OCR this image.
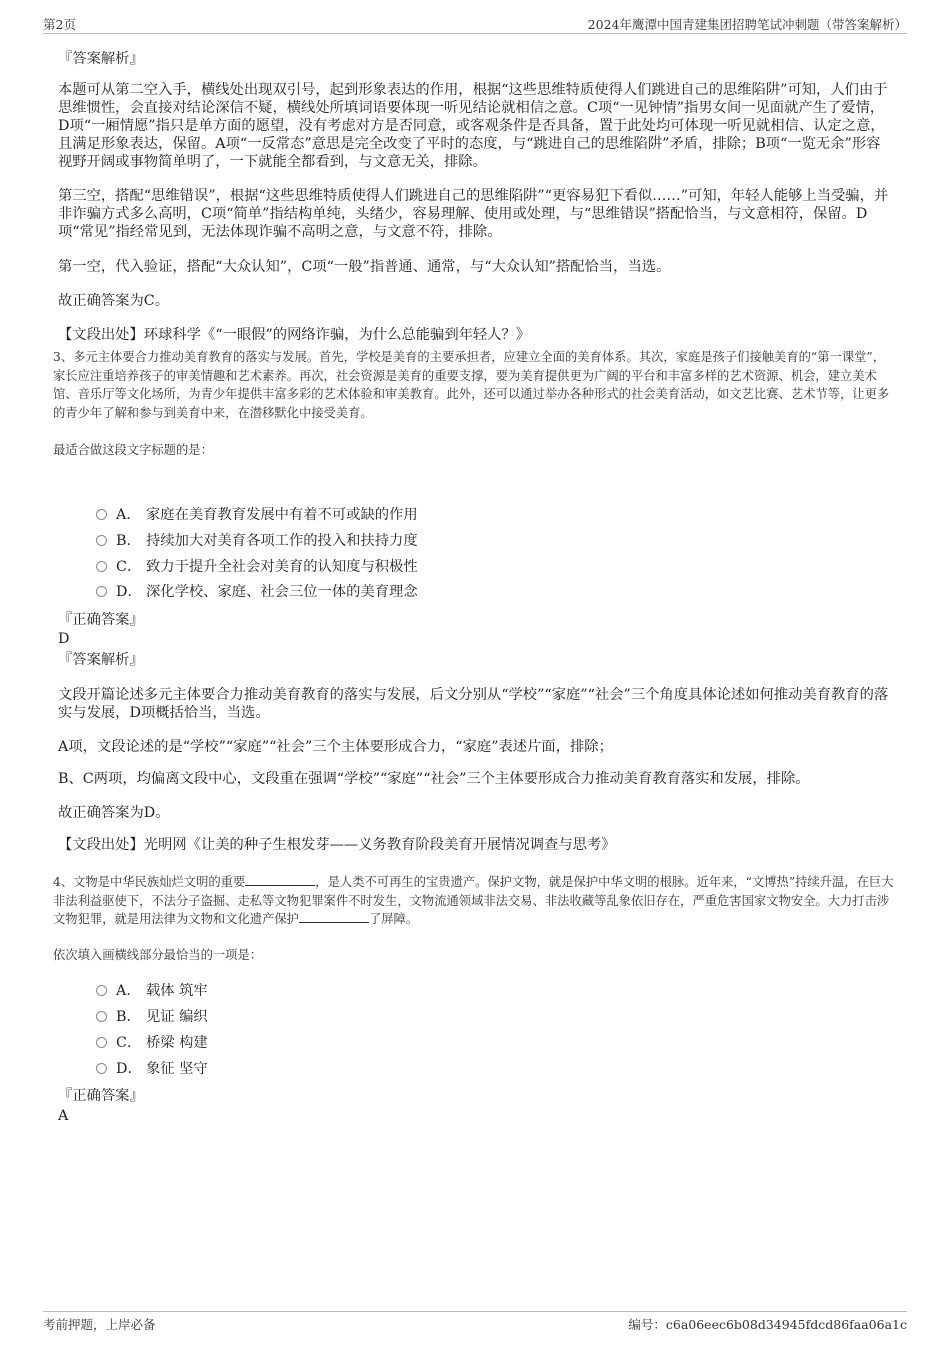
第2页	2024年鹰潭中国青建集团招聘笔试冲刺题（带答案解析）
『答案解析』
本题可从第二空入手，横线处出现双引号，起到形象表达的作用，根据“这些思维特质使得人们跳进自己的思维陷阱”可知，人们由于思维惯性，会直接对结论深信不疑，横线处所填词语要体现一听见结论就相信之意。C项“一见钟情”指男女间一见面就产生了爱情，D项“一厢情愿”指只是单方面的愿望，没有考虑对方是否同意，或客观条件是否具备，置于此处均可体现一听见就相信、认定之意，且满足形象表达，保留。A项“一反常态”意思是完全改变了平时的态度，与“跳进自己的思维陷阱”矛盾，排除；B项“一览无余”形容视野开阔或事物简单明了，一下就能全都看到，与文意无关，排除。
第三空，搭配“思维错误”，根据“这些思维特质使得人们跳进自己的思维陷阱”“更容易犯下看似……”可知，年轻人能够上当受骗，并非诈骗方式多么高明，C项“简单”指结构单纯，头绪少，容易理解、使用或处理，与“思维错误”搭配恰当，与文意相符，保留。D项“常见”指经常见到，无法体现诈骗不高明之意，与文意不符，排除。
第一空，代入验证，搭配“大众认知”，C项“一般”指普通、通常，与“大众认知”搭配恰当，当选。
故正确答案为C。
【文段出处】环球科学《“一眼假”的网络诈骗，为什么总能骗到年轻人？》
3、多元主体要合力推动美育教育的落实与发展。首先，学校是美育的主要承担者，应建立全面的美育体系。其次，家庭是孩子们接触美育的“第一课堂”，家长应注重培养孩子的审美情趣和艺术素养。再次，社会资源是美育的重要支撑，要为美育提供更为广阔的平台和丰富多样的艺术资源、机会，建立美术馆、音乐厅等文化场所，为青少年提供丰富多彩的艺术体验和审美教育。此外，还可以通过举办各种形式的社会美育活动，如文艺比赛、艺术节等，让更多的青少年了解和参与到美育中来，在潜移默化中接受美育。
最适合做这段文字标题的是：
A． 家庭在美育教育发展中有着不可或缺的作用
B． 持续加大对美育各项工作的投入和扶持力度
C． 致力于提升全社会对美育的认知度与积极性
D． 深化学校、家庭、社会三位一体的美育理念
『正确答案』
D
『答案解析』
文段开篇论述多元主体要合力推动美育教育的落实与发展，后文分别从“学校”“家庭”“社会”三个角度具体论述如何推动美育教育的落实与发展，D项概括恰当，当选。
A项，文段论述的是“学校”“家庭”“社会”三个主体要形成合力，“家庭”表述片面，排除；
B、C两项，均偏离文段中心，文段重在强调“学校”“家庭”“社会”三个主体要形成合力推动美育教育落实和发展，排除。
故正确答案为D。
【文段出处】光明网《让美的种子生根发芽——义务教育阶段美育开展情况调查与思考》
4、文物是中华民族灿烂文明的重要	，是人类不可再生的宝贵遗产。保护文物，就是保护中华文明的根脉。近年来，“文博热”持续升温，在巨大非法利益驱使下，不法分子盗掘、走私等文物犯罪案件不时发生，文物流通领域非法交易、非法收藏等乱象依旧存在，严重危害国家文物安全。大力打击涉文物犯罪，就是用法律为文物和文化遗产保护	了屏障。
依次填入画横线部分最恰当的一项是：
A． 载体 筑牢
B． 见证 编织
C． 桥梁 构建
D． 象征 坚守
『正确答案』
A
考前押题，上岸必备	编号：c6a06eec6b08d34945fdcd86faa06a1c
